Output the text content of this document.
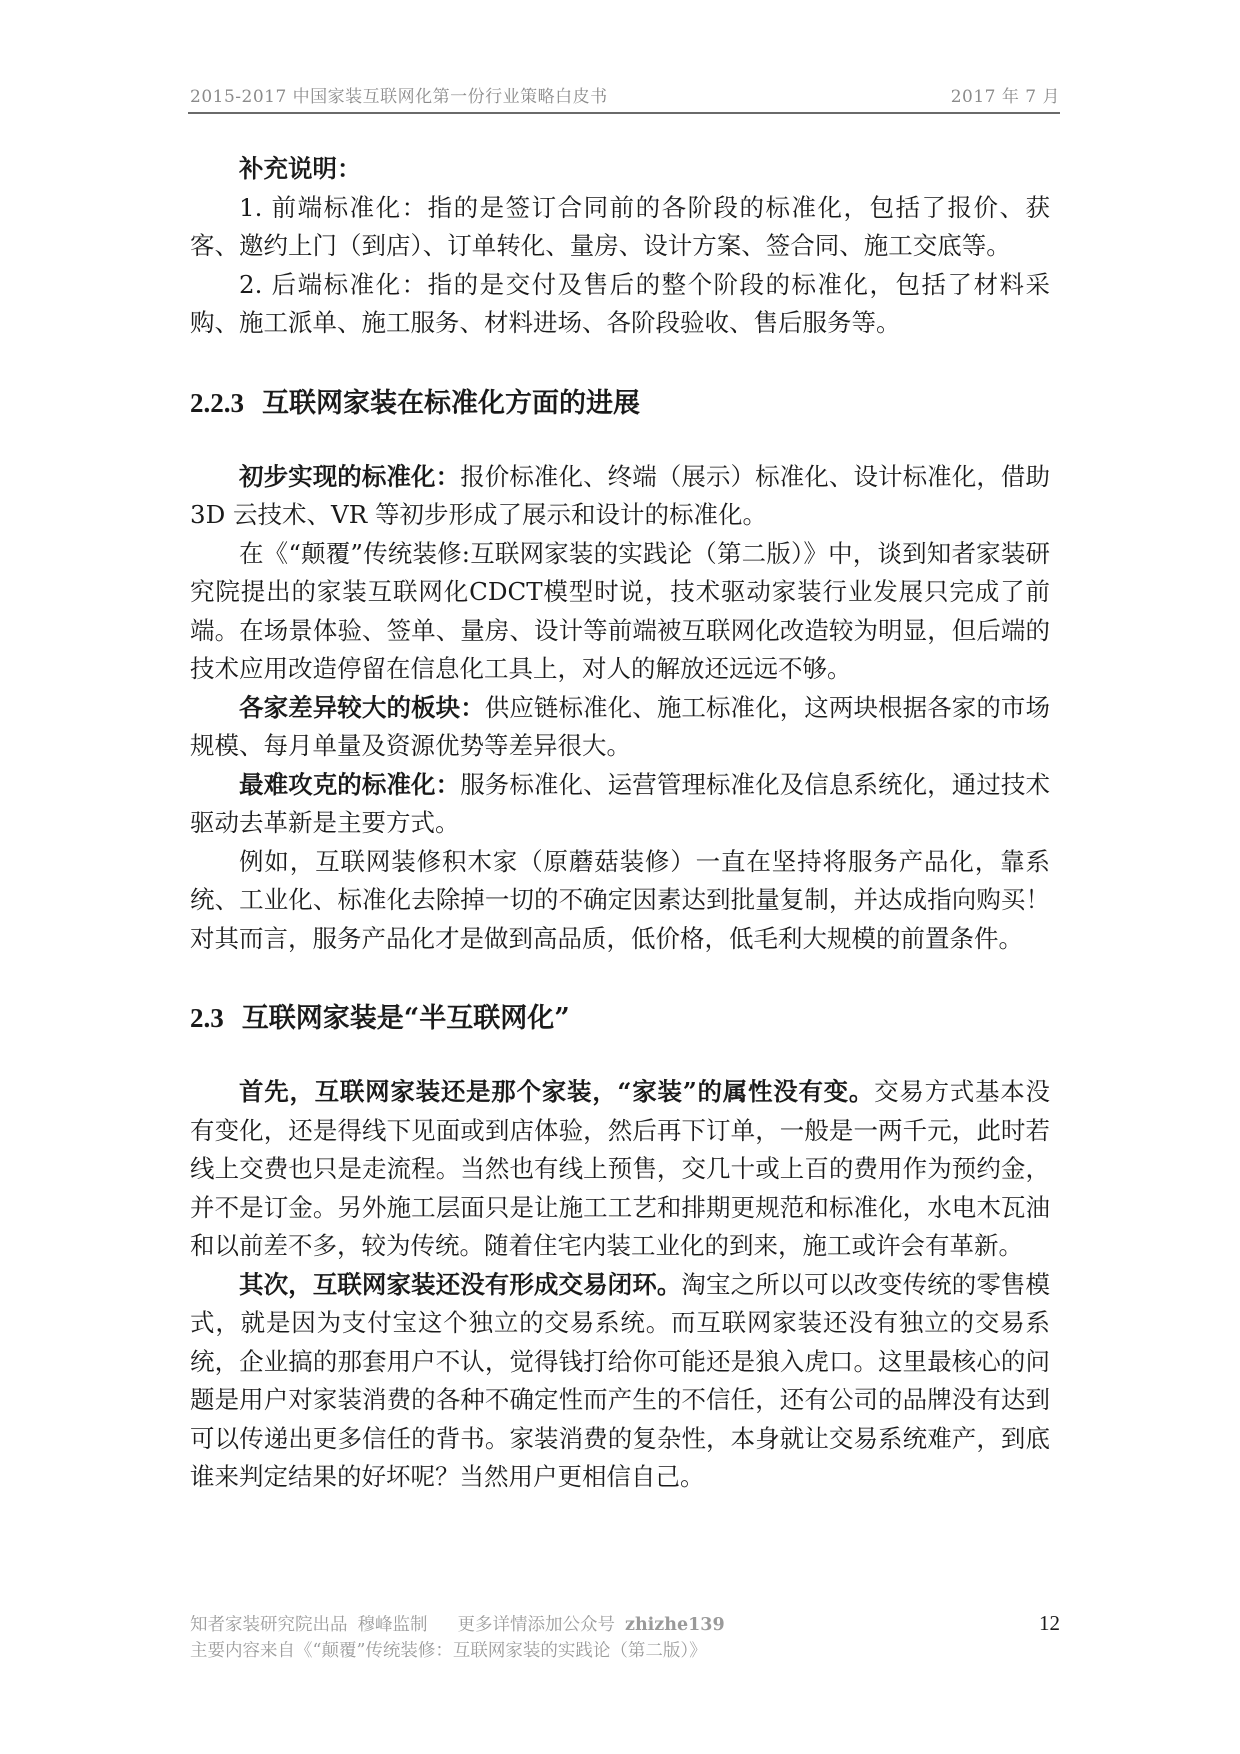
2015-2017 中国家装互联网化第一份行业策略白皮书	2017 年 7 月

补充说明：

1. 前端标准化：指的是签订合同前的各阶段的标准化，包括了报价、获客、邀约上门（到店）、订单转化、量房、设计方案、签合同、施工交底等。

2. 后端标准化：指的是交付及售后的整个阶段的标准化，包括了材料采购、施工派单、施工服务、材料进场、各阶段验收、售后服务等。

2.2.3 互联网家装在标准化方面的进展

初步实现的标准化：报价标准化、终端（展示）标准化、设计标准化，借助 3D 云技术、VR 等初步形成了展示和设计的标准化。

在《“颠覆”传统装修:互联网家装的实践论（第二版）》中，谈到知者家装研究院提出的家装互联网化CDCT模型时说，技术驱动家装行业发展只完成了前端。在场景体验、签单、量房、设计等前端被互联网化改造较为明显，但后端的技术应用改造停留在信息化工具上，对人的解放还远远不够。

各家差异较大的板块：供应链标准化、施工标准化，这两块根据各家的市场规模、每月单量及资源优势等差异很大。

最难攻克的标准化：服务标准化、运营管理标准化及信息系统化，通过技术驱动去革新是主要方式。

例如，互联网装修积木家（原蘑菇装修）一直在坚持将服务产品化，靠系统、工业化、标准化去除掉一切的不确定因素达到批量复制，并达成指向购买！对其而言，服务产品化才是做到高品质，低价格，低毛利大规模的前置条件。

2.3 互联网家装是“半互联网化”

首先，互联网家装还是那个家装，“家装”的属性没有变。交易方式基本没有变化，还是得线下见面或到店体验，然后再下订单，一般是一两千元，此时若线上交费也只是走流程。当然也有线上预售，交几十或上百的费用作为预约金，并不是订金。另外施工层面只是让施工工艺和排期更规范和标准化，水电木瓦油和以前差不多，较为传统。随着住宅内装工业化的到来，施工或许会有革新。

其次，互联网家装还没有形成交易闭环。淘宝之所以可以改变传统的零售模式，就是因为支付宝这个独立的交易系统。而互联网家装还没有独立的交易系统，企业搞的那套用户不认，觉得钱打给你可能还是狼入虎口。这里最核心的问题是用户对家装消费的各种不确定性而产生的不信任，还有公司的品牌没有达到可以传递出更多信任的背书。家装消费的复杂性，本身就让交易系统难产，到底谁来判定结果的好坏呢？当然用户更相信自己。

知者家装研究院出品 穆峰监制 更多详情添加公众号 zhizhe139
主要内容来自《“颠覆”传统装修：互联网家装的实践论（第二版）》
12
